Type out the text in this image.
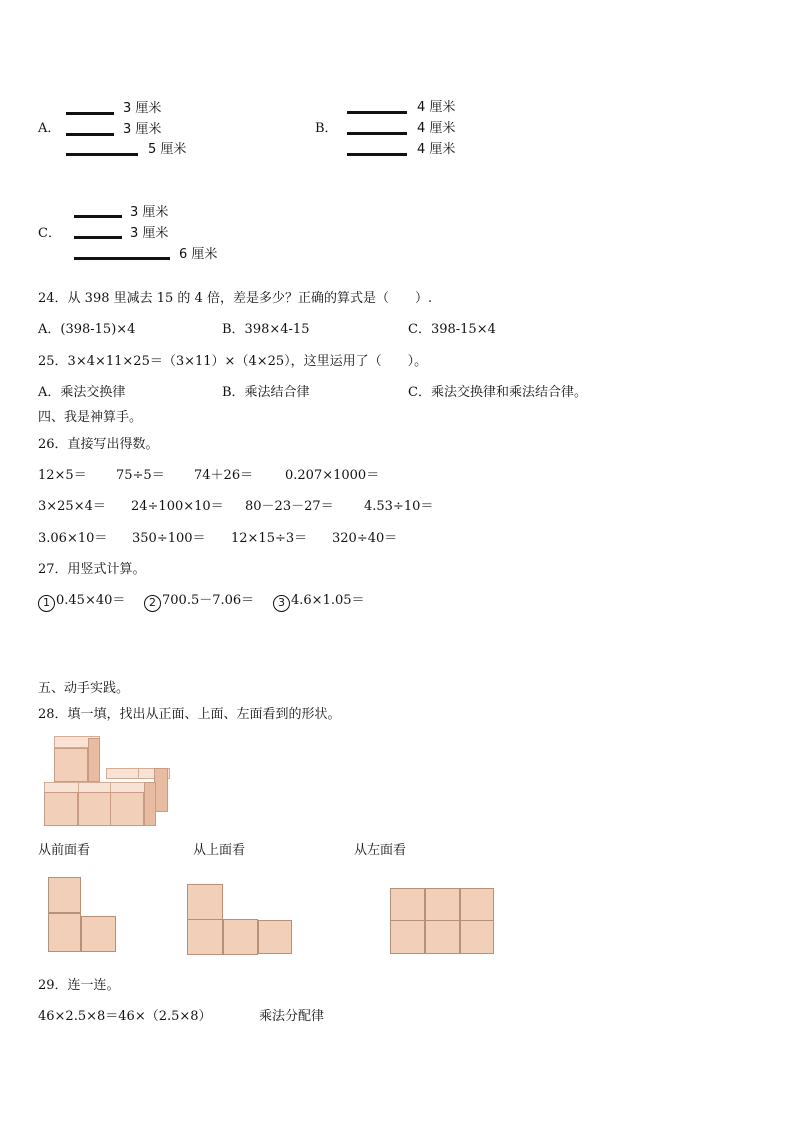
A．
3 厘米
3 厘米
5 厘米
B．
4 厘米
4 厘米
4 厘米
C．
3 厘米
3 厘米
6 厘米
24．从 398 里减去 15 的 4 倍，差是多少？正确的算式是（　　）.
A．(398-15)×4	B．398×4-15	C．398-15×4
25．3×4×11×25＝（3×11）×（4×25），这里运用了（　　）。
A．乘法交换律	B．乘法结合律	C．乘法交换律和乘法结合律。
四、我是神算手。
26．直接写出得数。
12×5＝ 75÷5＝ 74＋26＝ 0.207×1000＝
3×25×4＝ 24÷100×10＝ 80－23－27＝ 4.53÷10＝
3.06×10＝ 350÷100＝ 12×15÷3＝ 320÷40＝
27．用竖式计算。
1 0.45×40＝	2 700.5－7.06＝	3 4.6×1.05＝
五、动手实践。
28．填一填，找出从正面、上面、左面看到的形状。
从前面看	从上面看	从左面看
29．连一连。
46×2.5×8＝46×（2.5×8）	乘法分配律
